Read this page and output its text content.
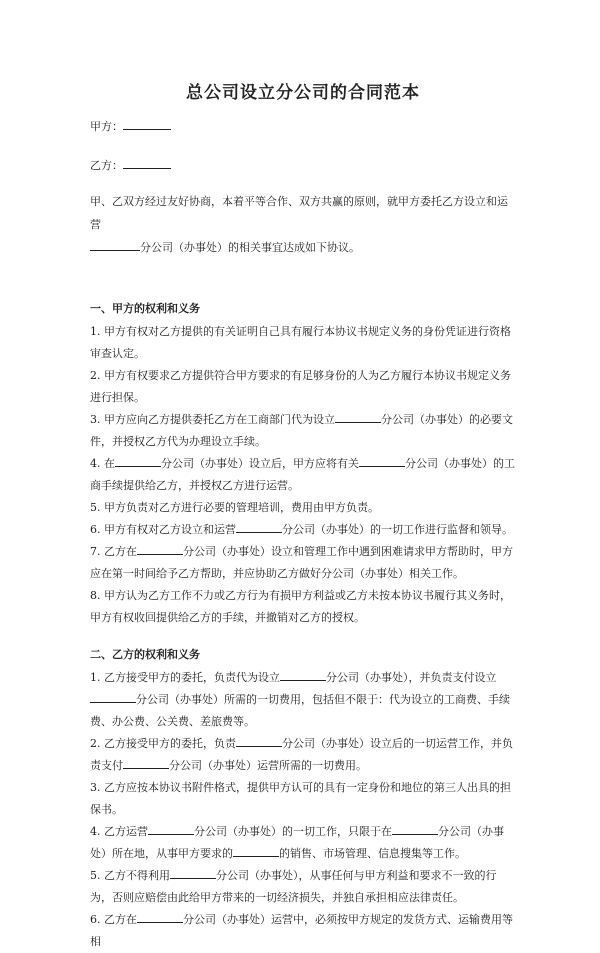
总公司设立分公司的合同范本

甲方：

乙方：

甲、乙双方经过友好协商，本着平等合作、双方共赢的原则，就甲方委托乙方设立和运营
分公司（办事处）的相关事宜达成如下协议。

一、甲方的权利和义务

1. 甲方有权对乙方提供的有关证明自己具有履行本协议书规定义务的身份凭证进行资格审查认定。

2. 甲方有权要求乙方提供符合甲方要求的有足够身份的人为乙方履行本协议书规定义务进行担保。

3. 甲方应向乙方提供委托乙方在工商部门代为设立	分公司（办事处）的必要文件，并授权乙方代为办理设立手续。

4. 在	分公司（办事处）设立后，甲方应将有关	分公司（办事处）的工商手续提供给乙方，并授权乙方进行运营。

5. 甲方负责对乙方进行必要的管理培训，费用由甲方负责。

6. 甲方有权对乙方设立和运营	分公司（办事处）的一切工作进行监督和领导。

7. 乙方在	分公司（办事处）设立和管理工作中遇到困难请求甲方帮助时，甲方应在第一时间给予乙方帮助，并应协助乙方做好分公司（办事处）相关工作。

8. 甲方认为乙方工作不力或乙方行为有损甲方利益或乙方未按本协议书履行其义务时，甲方有权收回提供给乙方的手续，并撤销对乙方的授权。

二、乙方的权利和义务

1. 乙方接受甲方的委托，负责代为设立	分公司（办事处），并负责支付设立
分公司（办事处）所需的一切费用，包括但不限于：代为设立的工商费、手续费、办公费、公关费、差旅费等。

2. 乙方接受甲方的委托，负责	分公司（办事处）设立后的一切运营工作，并负责支付	分公司（办事处）运营所需的一切费用。

3. 乙方应按本协议书附件格式，提供甲方认可的具有一定身份和地位的第三人出具的担保书。

4. 乙方运营	分公司（办事处）的一切工作，只限于在	分公司（办事处）所在地，从事甲方要求的	的销售、市场管理、信息搜集等工作。

5. 乙方不得利用	分公司（办事处），从事任何与甲方利益和要求不一致的行为，否则应赔偿由此给甲方带来的一切经济损失，并独自承担相应法律责任。

6. 乙方在	分公司（办事处）运营中，必须按甲方规定的发货方式、运输费用等相
